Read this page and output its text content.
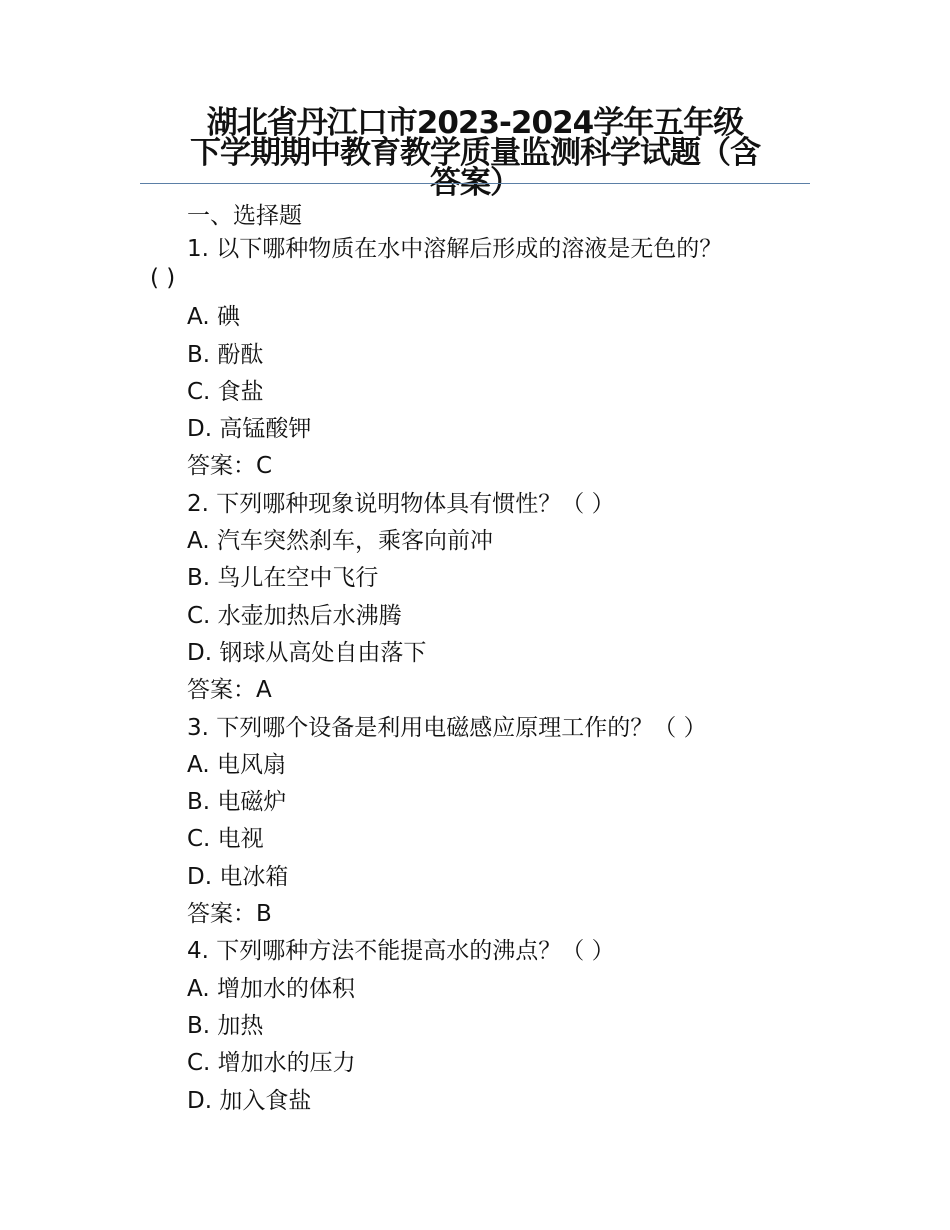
湖北省丹江口市2023-2024学年五年级
下学期期中教育教学质量监测科学试题（含
答案）
一、选择题
1. 以下哪种物质在水中溶解后形成的溶液是无色的？
( )
A. 碘
B. 酚酞
C. 食盐
D. 高锰酸钾
答案：C
2. 下列哪种现象说明物体具有惯性？（ ）
A. 汽车突然刹车，乘客向前冲
B. 鸟儿在空中飞行
C. 水壶加热后水沸腾
D. 钢球从高处自由落下
答案：A
3. 下列哪个设备是利用电磁感应原理工作的？（ ）
A. 电风扇
B. 电磁炉
C. 电视
D. 电冰箱
答案：B
4. 下列哪种方法不能提高水的沸点？（ ）
A. 增加水的体积
B. 加热
C. 增加水的压力
D. 加入食盐
